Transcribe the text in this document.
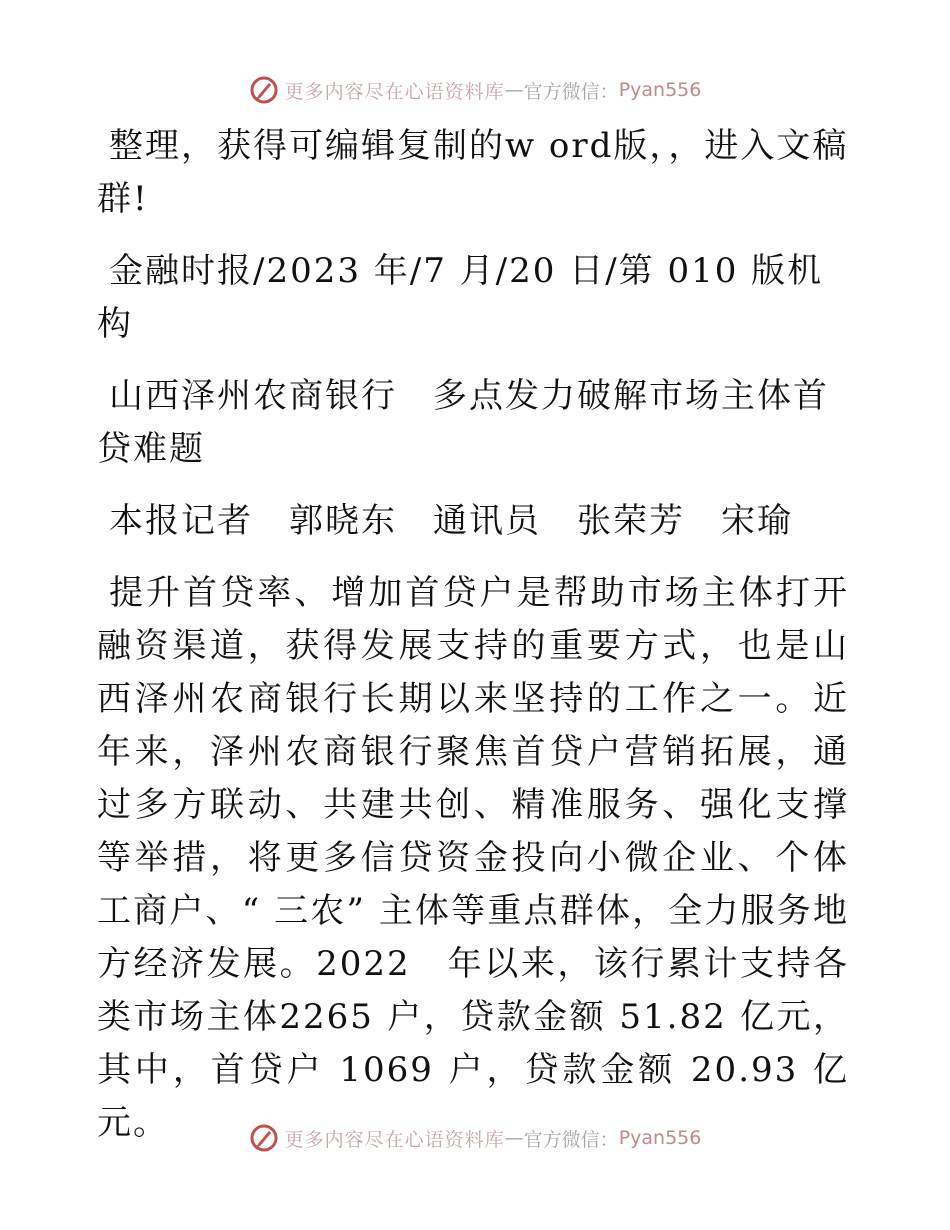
更多内容尽在心语资料库 — 官方微信： Pyan556

整理，获得可编辑复制的w ord版，，进入文稿群!

金融时报/2023 年/7 月/20 日/第 010 版机构

山西泽州农商银行　多点发力破解市场主体首贷难题

本报记者　郭晓东　通讯员　张荣芳　宋瑜

提升首贷率、增加首贷户是帮助市场主体打开融资渠道，获得发展支持的重要方式，也是山西泽州农商银行长期以来坚持的工作之一。近年来，泽州农商银行聚焦首贷户营销拓展，通过多方联动、共建共创、精准服务、强化支撑等举措，将更多信贷资金投向小微企业、个体工商户、“ 三农” 主体等重点群体，全力服务地方经济发展。2022　年以来，该行累计支持各类市场主体2265 户，贷款金额 51.82 亿元，其中，首贷户 1069 户，贷款金额 20.93 亿元。	更多内容尽在心语资料库 — 官方微信： Pyan556
